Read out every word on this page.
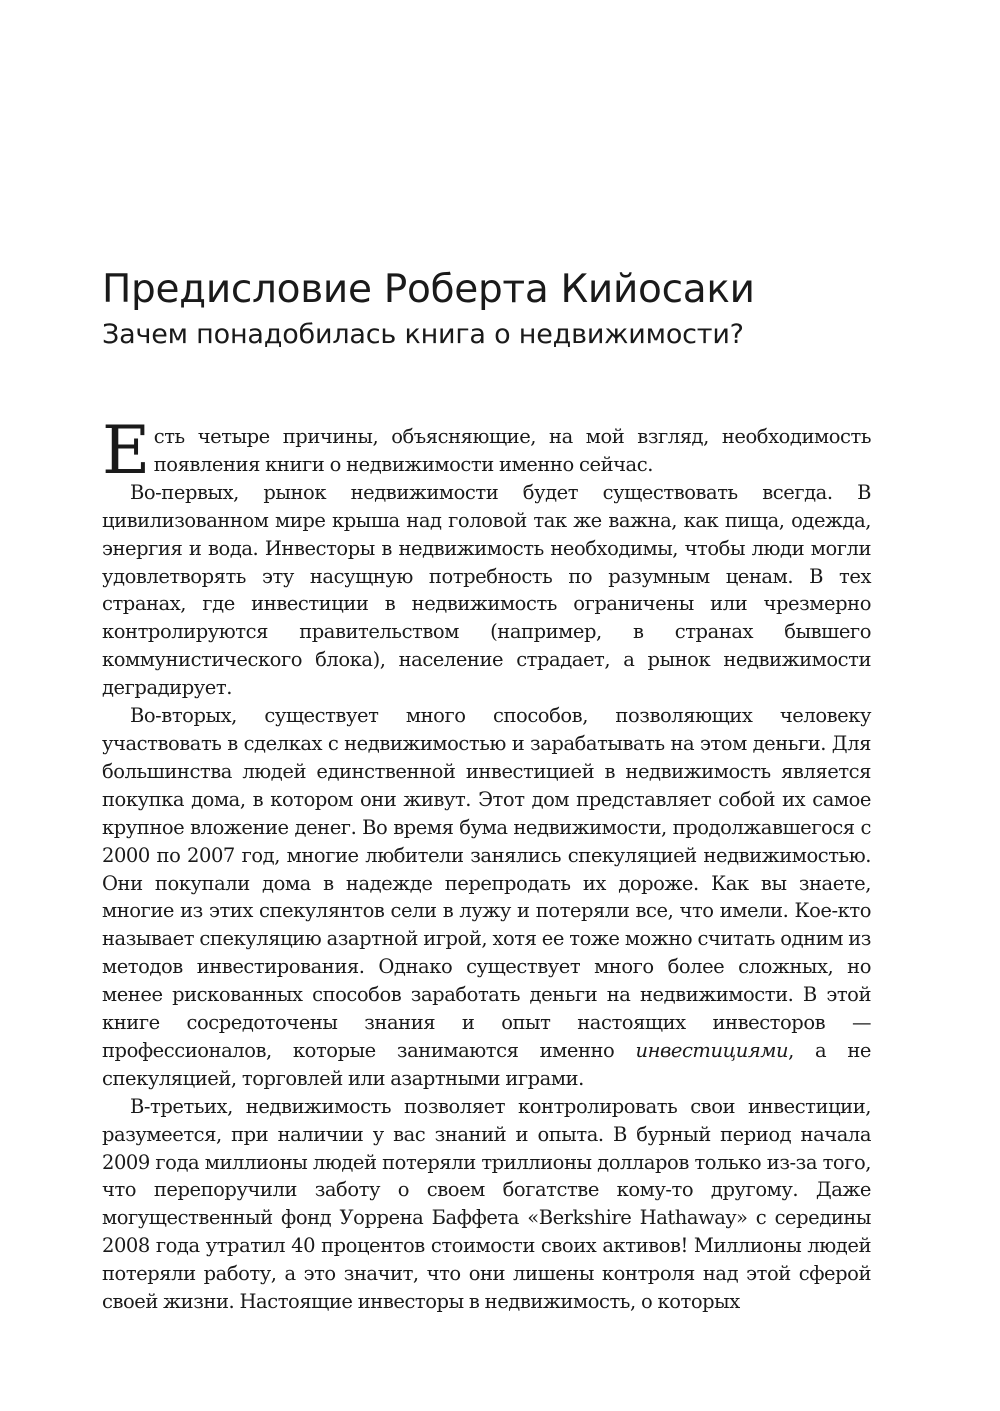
Предисловие Роберта Кийосаки
Зачем понадобилась книга о недвижимости?

Есть четыре причины, объясняющие, на мой взгляд, необходимость появления книги о недвижимости именно сейчас.

Во-первых, рынок недвижимости будет существовать всегда. В цивилизованном мире крыша над головой так же важна, как пища, одежда, энергия и вода. Инвесторы в недвижимость необходимы, чтобы люди могли удовлетворять эту насущную потребность по разумным ценам. В тех странах, где инвестиции в недвижимость ограничены или чрезмерно контролируются правительством (например, в странах бывшего коммунистического блока), население страдает, а рынок недвижимости деградирует.

Во-вторых, существует много способов, позволяющих человеку участвовать в сделках с недвижимостью и зарабатывать на этом деньги. Для большинства людей единственной инвестицией в недвижимость является покупка дома, в котором они живут. Этот дом представляет собой их самое крупное вложение денег. Во время бума недвижимости, продолжавшегося с 2000 по 2007 год, многие любители занялись спекуляцией недвижимостью. Они покупали дома в надежде перепродать их дороже. Как вы знаете, многие из этих спекулянтов сели в лужу и потеряли все, что имели. Кое-кто называет спекуляцию азартной игрой, хотя ее тоже можно считать одним из методов инвестирования. Однако существует много более сложных, но менее рискованных способов заработать деньги на недвижимости. В этой книге сосредоточены знания и опыт настоящих инвесторов — профессионалов, которые занимаются именно инвестициями, а не спекуляцией, торговлей или азартными играми.

В-третьих, недвижимость позволяет контролировать свои инвестиции, разумеется, при наличии у вас знаний и опыта. В бурный период начала 2009 года миллионы людей потеряли триллионы долларов только из-за того, что перепоручили заботу о своем богатстве кому-то другому. Даже могущественный фонд Уоррена Баффета «Berkshire Hathaway» с середины 2008 года утратил 40 процентов стоимости своих активов! Миллионы людей потеряли работу, а это значит, что они лишены контроля над этой сферой своей жизни. Настоящие инвесторы в недвижимость, о которых
